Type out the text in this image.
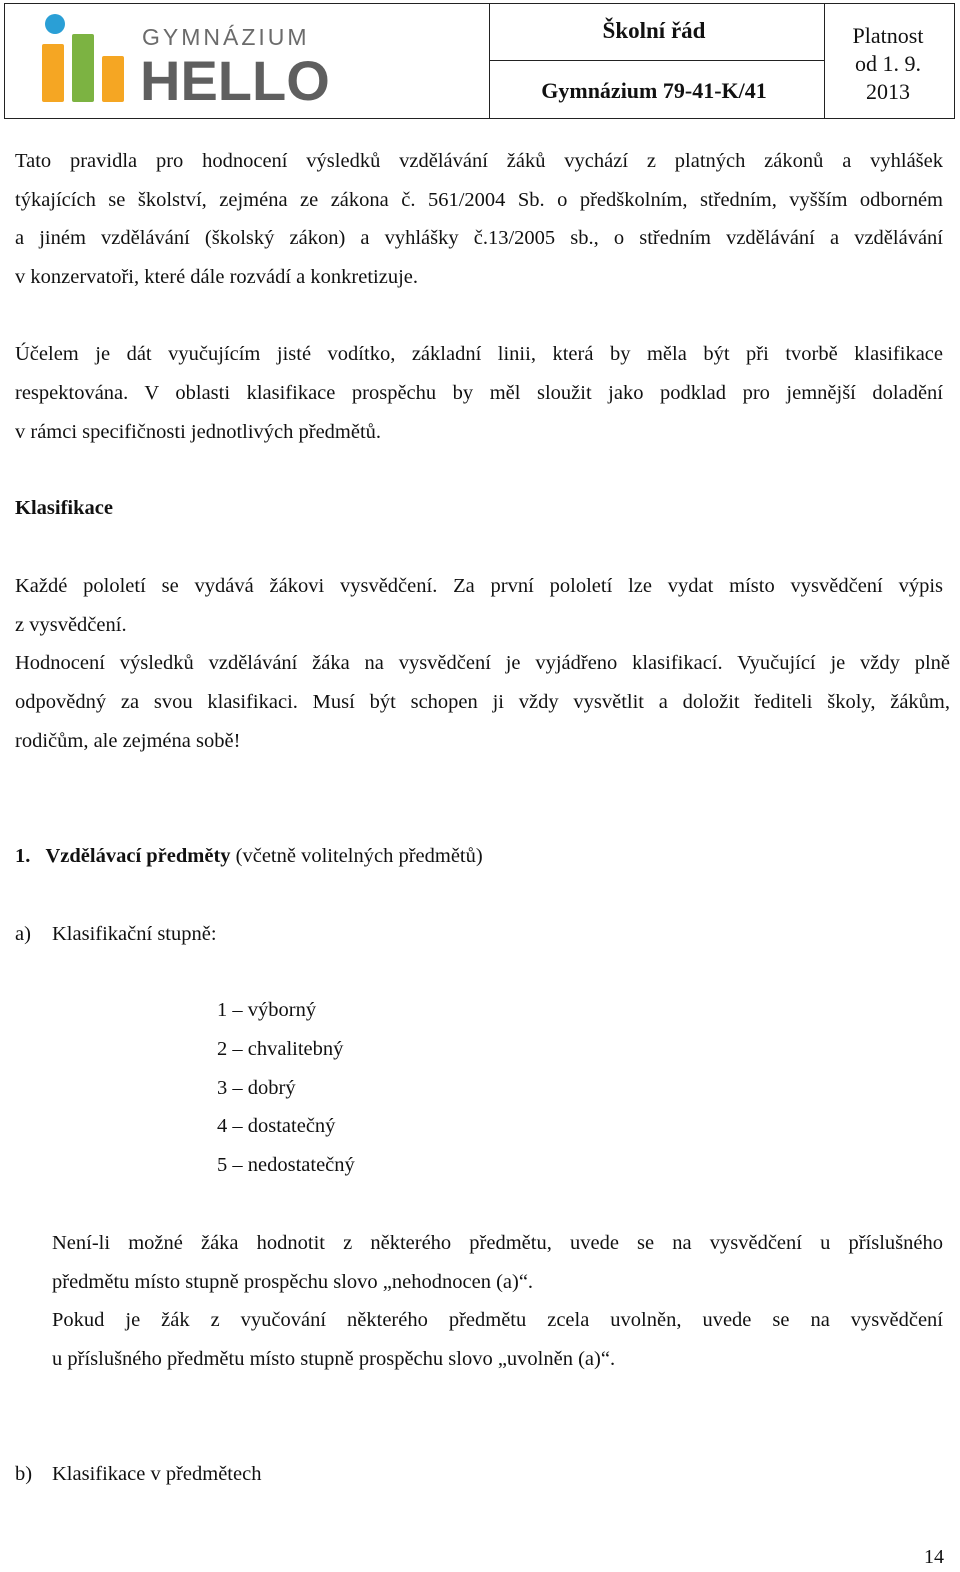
GYMNÁZIUM
HELLO
Školní řád
Gymnázium 79-41-K/41
Platnost
od 1. 9.
2013

Tato pravidla pro hodnocení výsledků vzdělávání žáků vychází z platných zákonů a vyhlášek

týkajících se školství, zejména ze zákona č. 561/2004 Sb. o předškolním, středním, vyšším odborném

a jiném vzdělávání (školský zákon) a vyhlášky č.13/2005 sb., o středním vzdělávání a vzdělávání

v konzervatoři, které dále rozvádí a konkretizuje.

Účelem je dát vyučujícím jisté vodítko, základní linii, která by měla být při tvorbě klasifikace

respektována. V oblasti klasifikace prospěchu by měl sloužit jako podklad pro jemnější doladění

v rámci specifičnosti jednotlivých předmětů.

Klasifikace

Každé pololetí se vydává žákovi vysvědčení. Za první pololetí lze vydat místo vysvědčení výpis

z vysvědčení.

Hodnocení výsledků vzdělávání žáka na vysvědčení je vyjádřeno klasifikací. Vyučující je vždy plně

odpovědný za svou klasifikaci. Musí být schopen ji vždy vysvětlit a doložit řediteli školy, žákům,

rodičům, ale zejména sobě!

1. Vzdělávací předměty (včetně volitelných předmětů)
a) Klasifikační stupně:
1 – výborný
2 – chvalitebný
3 – dobrý
4 – dostatečný
5 – nedostatečný

Není-li možné žáka hodnotit z některého předmětu, uvede se na vysvědčení u příslušného

předmětu místo stupně prospěchu slovo „nehodnocen (a)“.

Pokud je žák z vyučování některého předmětu zcela uvolněn, uvede se na vysvědčení

u příslušného předmětu místo stupně prospěchu slovo „uvolněn (a)“.

b) Klasifikace v předmětech
14
